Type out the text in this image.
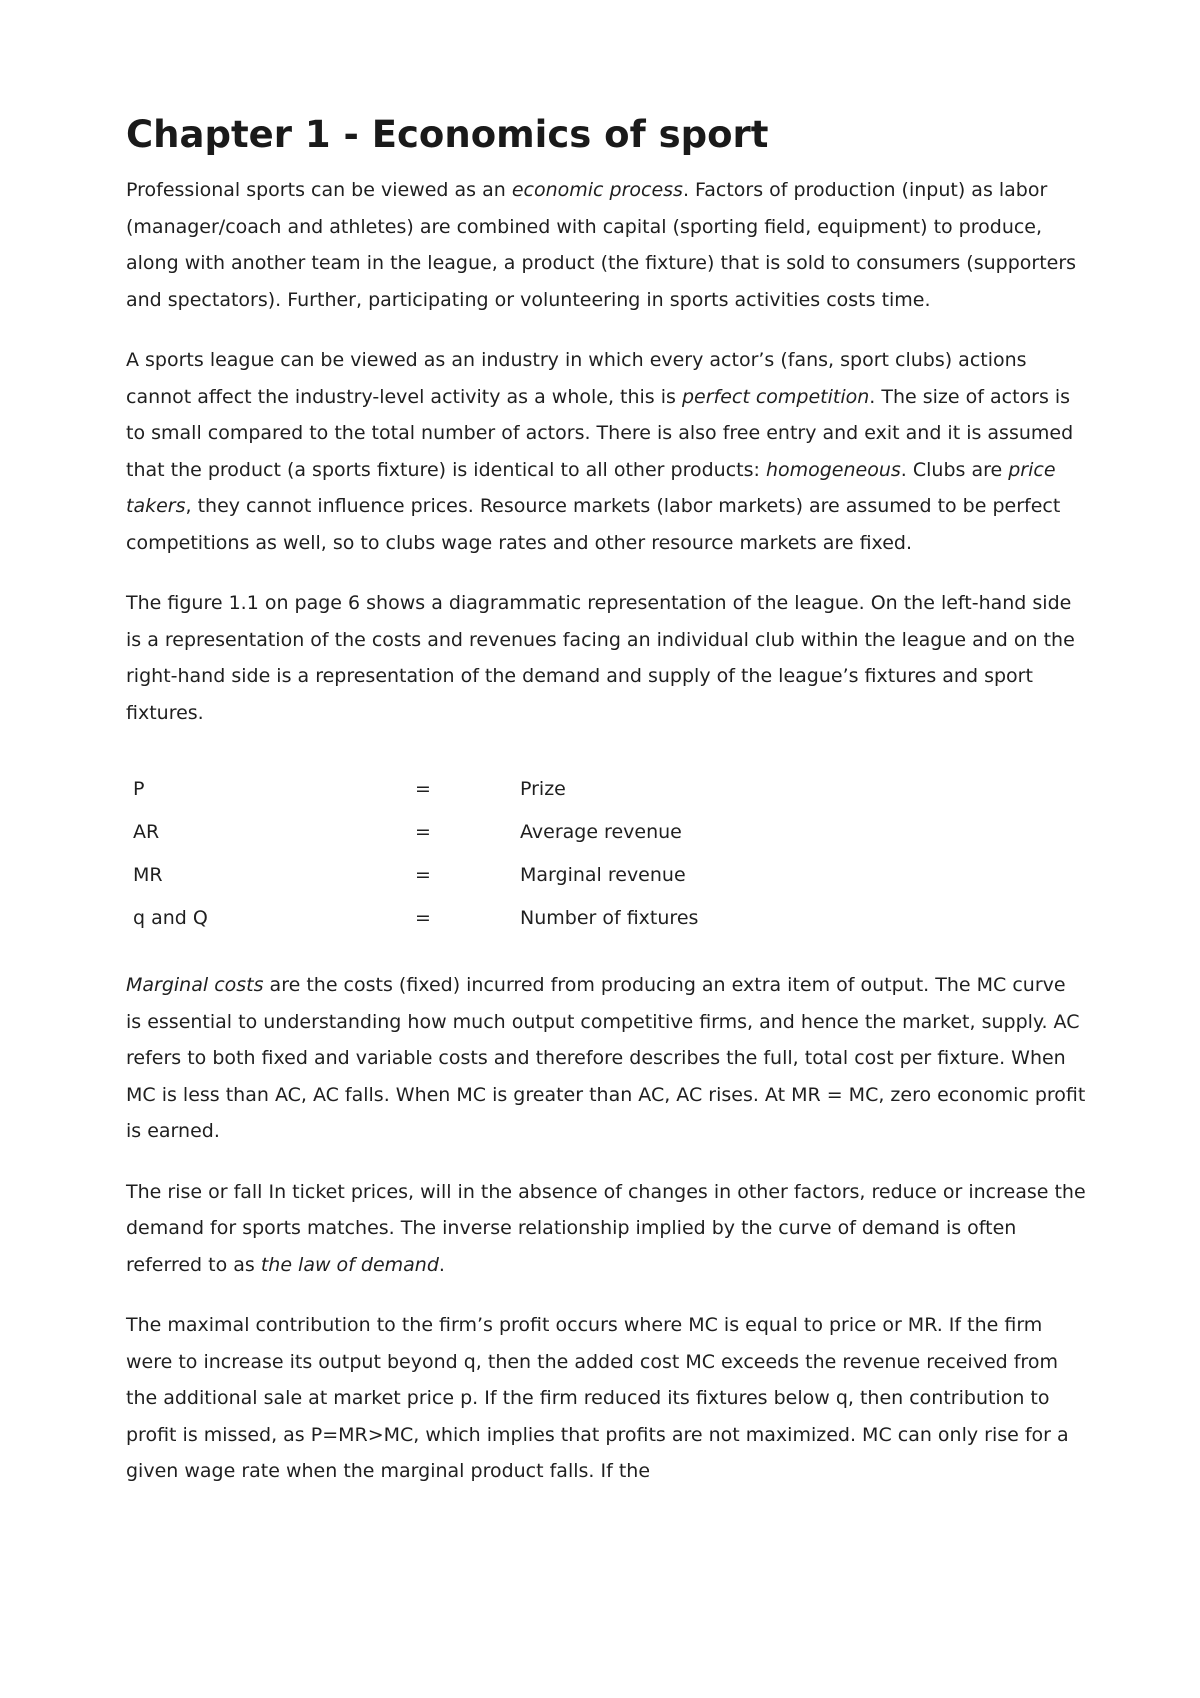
Chapter 1 - Economics of sport

Professional sports can be viewed as an economic process. Factors of production (input) as labor (manager/coach and athletes) are combined with capital (sporting field, equipment) to produce, along with another team in the league, a product (the fixture) that is sold to consumers (supporters and spectators). Further, participating or volunteering in sports activities costs time.

A sports league can be viewed as an industry in which every actor’s (fans, sport clubs) actions cannot affect the industry-level activity as a whole, this is perfect competition. The size of actors is to small compared to the total number of actors. There is also free entry and exit and it is assumed that the product (a sports fixture) is identical to all other products: homogeneous. Clubs are price takers, they cannot influence prices. Resource markets (labor markets) are assumed to be perfect competitions as well, so to clubs wage rates and other resource markets are fixed.

The figure 1.1 on page 6 shows a diagrammatic representation of the league. On the left-hand side is a representation of the costs and revenues facing an individual club within the league and on the right-hand side is a representation of the demand and supply of the league’s fixtures and sport fixtures.

P	=	Prize
AR	=	Average revenue
MR	=	Marginal revenue
q and Q	=	Number of fixtures

Marginal costs are the costs (fixed) incurred from producing an extra item of output. The MC curve is essential to understanding how much output competitive firms, and hence the market, supply. AC refers to both fixed and variable costs and therefore describes the full, total cost per fixture. When MC is less than AC, AC falls. When MC is greater than AC, AC rises. At MR = MC, zero economic profit is earned.

The rise or fall In ticket prices, will in the absence of changes in other factors, reduce or increase the demand for sports matches. The inverse relationship implied by the curve of demand is often referred to as the law of demand.

The maximal contribution to the firm’s profit occurs where MC is equal to price or MR. If the firm were to increase its output beyond q, then the added cost MC exceeds the revenue received from the additional sale at market price p. If the firm reduced its fixtures below q, then contribution to profit is missed, as P=MR>MC, which implies that profits are not maximized. MC can only rise for a given wage rate when the marginal product falls. If the
